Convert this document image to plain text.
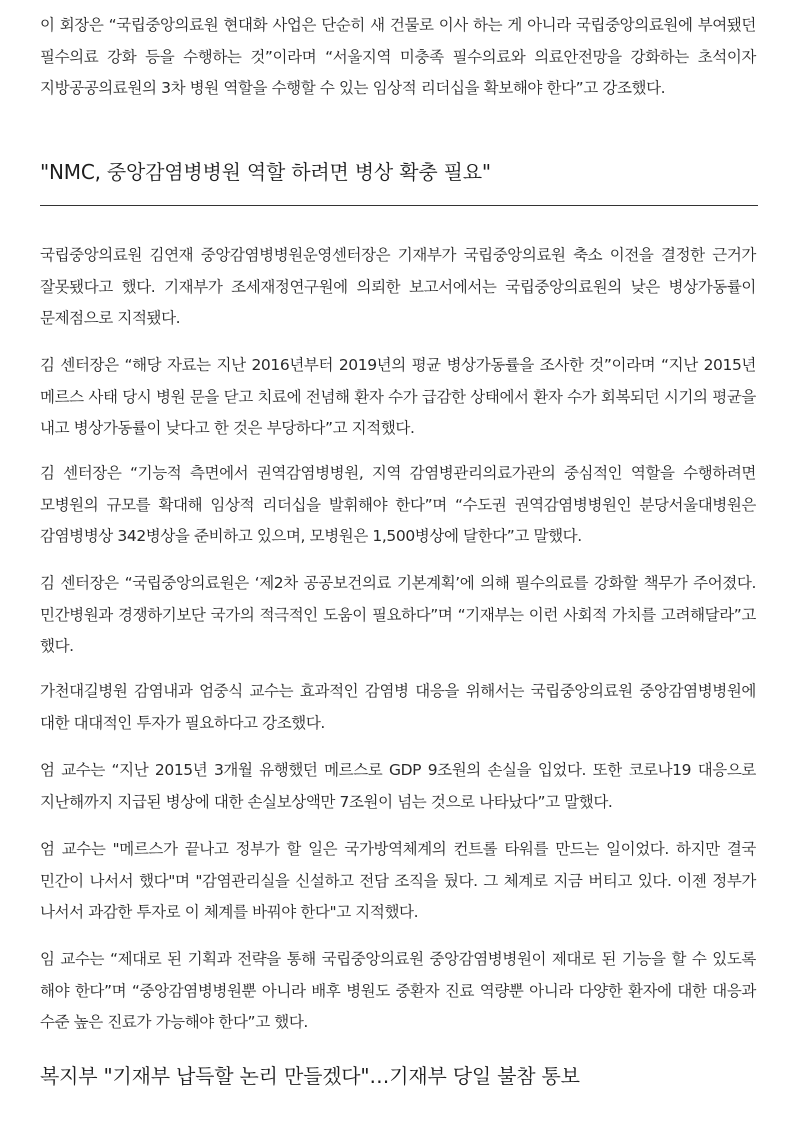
이 회장은 “국립중앙의료원 현대화 사업은 단순히 새 건물로 이사 하는 게 아니라 국립중앙의료원에 부여됐던 필수의료 강화 등을 수행하는 것”이라며 “서울지역 미충족 필수의료와 의료안전망을 강화하는 초석이자 지방공공의료원의 3차 병원 역할을 수행할 수 있는 임상적 리더십을 확보해야 한다”고 강조했다.

"NMC, 중앙감염병병원 역할 하려면 병상 확충 필요"

국립중앙의료원 김연재 중앙감염병병원운영센터장은 기재부가 국립중앙의료원 축소 이전을 결정한 근거가 잘못됐다고 했다. 기재부가 조세재정연구원에 의뢰한 보고서에서는 국립중앙의료원의 낮은 병상가동률이 문제점으로 지적됐다.

김 센터장은 “해당 자료는 지난 2016년부터 2019년의 평균 병상가동률을 조사한 것”이라며 “지난 2015년 메르스 사태 당시 병원 문을 닫고 치료에 전념해 환자 수가 급감한 상태에서 환자 수가 회복되던 시기의 평균을 내고 병상가동률이 낮다고 한 것은 부당하다”고 지적했다.

김 센터장은 “기능적 측면에서 권역감염병병원, 지역 감염병관리의료가관의 중심적인 역할을 수행하려면 모병원의 규모를 확대해 임상적 리더십을 발휘해야 한다”며 “수도권 권역감염병병원인 분당서울대병원은 감염병병상 342병상을 준비하고 있으며, 모병원은 1,500병상에 달한다”고 말했다.

김 센터장은 “국립중앙의료원은 ‘제2차 공공보건의료 기본계획’에 의해 필수의료를 강화할 책무가 주어졌다. 민간병원과 경쟁하기보단 국가의 적극적인 도움이 필요하다”며 “기재부는 이런 사회적 가치를 고려해달라”고 했다.

가천대길병원 감염내과 엄중식 교수는 효과적인 감염병 대응을 위해서는 국립중앙의료원 중앙감염병병원에 대한 대대적인 투자가 필요하다고 강조했다.

엄 교수는 “지난 2015년 3개월 유행했던 메르스로 GDP 9조원의 손실을 입었다. 또한 코로나19 대응으로 지난해까지 지급된 병상에 대한 손실보상액만 7조원이 넘는 것으로 나타났다”고 말했다.

엄 교수는 "메르스가 끝나고 정부가 할 일은 국가방역체계의 컨트롤 타워를 만드는 일이었다. 하지만 결국 민간이 나서서 했다"며 "감염관리실을 신설하고 전담 조직을 뒀다. 그 체계로 지금 버티고 있다. 이젠 정부가 나서서 과감한 투자로 이 체계를 바꿔야 한다"고 지적했다.

임 교수는 “제대로 된 기획과 전략을 통해 국립중앙의료원 중앙감염병병원이 제대로 된 기능을 할 수 있도록 해야 한다”며 “중앙감염병병원뿐 아니라 배후 병원도 중환자 진료 역량뿐 아니라 다양한 환자에 대한 대응과 수준 높은 진료가 가능해야 한다”고 했다.

복지부 "기재부 납득할 논리 만들겠다"…기재부 당일 불참 통보
